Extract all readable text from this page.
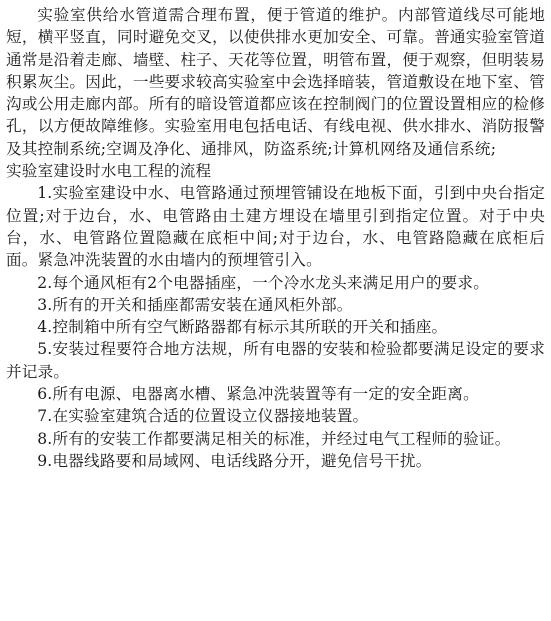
实验室供给水管道需合理布置，便于管道的维护。内部管道线尽可能地短，横平竖直，同时避免交叉，以使供排水更加安全、可靠。普通实验室管道通常是沿着走廊、墙壁、柱子、天花等位置，明管布置，便于观察，但明装易积累灰尘。因此，一些要求较高实验室中会选择暗装，管道敷设在地下室、管沟或公用走廊内部。所有的暗设管道都应该在控制阀门的位置设置相应的检修孔，以方便故障维修。实验室用电包括电话、有线电视、供水排水、消防报警及其控制系统;空调及净化、通排风，防盗系统;计算机网络及通信系统;

实验室建设时水电工程的流程

1.实验室建设中水、电管路通过预埋管铺设在地板下面，引到中央台指定位置;对于边台，水、电管路由土建方埋设在墙里引到指定位置。对于中央台，水、电管路位置隐藏在底柜中间;对于边台，水、电管路隐藏在底柜后面。紧急冲洗装置的水由墙内的预埋管引入。

2.每个通风柜有2个电器插座，一个冷水龙头来满足用户的要求。

3.所有的开关和插座都需安装在通风柜外部。

4.控制箱中所有空气断路器都有标示其所联的开关和插座。

5.安装过程要符合地方法规，所有电器的安装和检验都要满足设定的要求并记录。

6.所有电源、电器离水槽、紧急冲洗装置等有一定的安全距离。

7.在实验室建筑合适的位置设立仪器接地装置。

8.所有的安装工作都要满足相关的标准，并经过电气工程师的验证。

9.电器线路要和局域网、电话线路分开，避免信号干扰。
